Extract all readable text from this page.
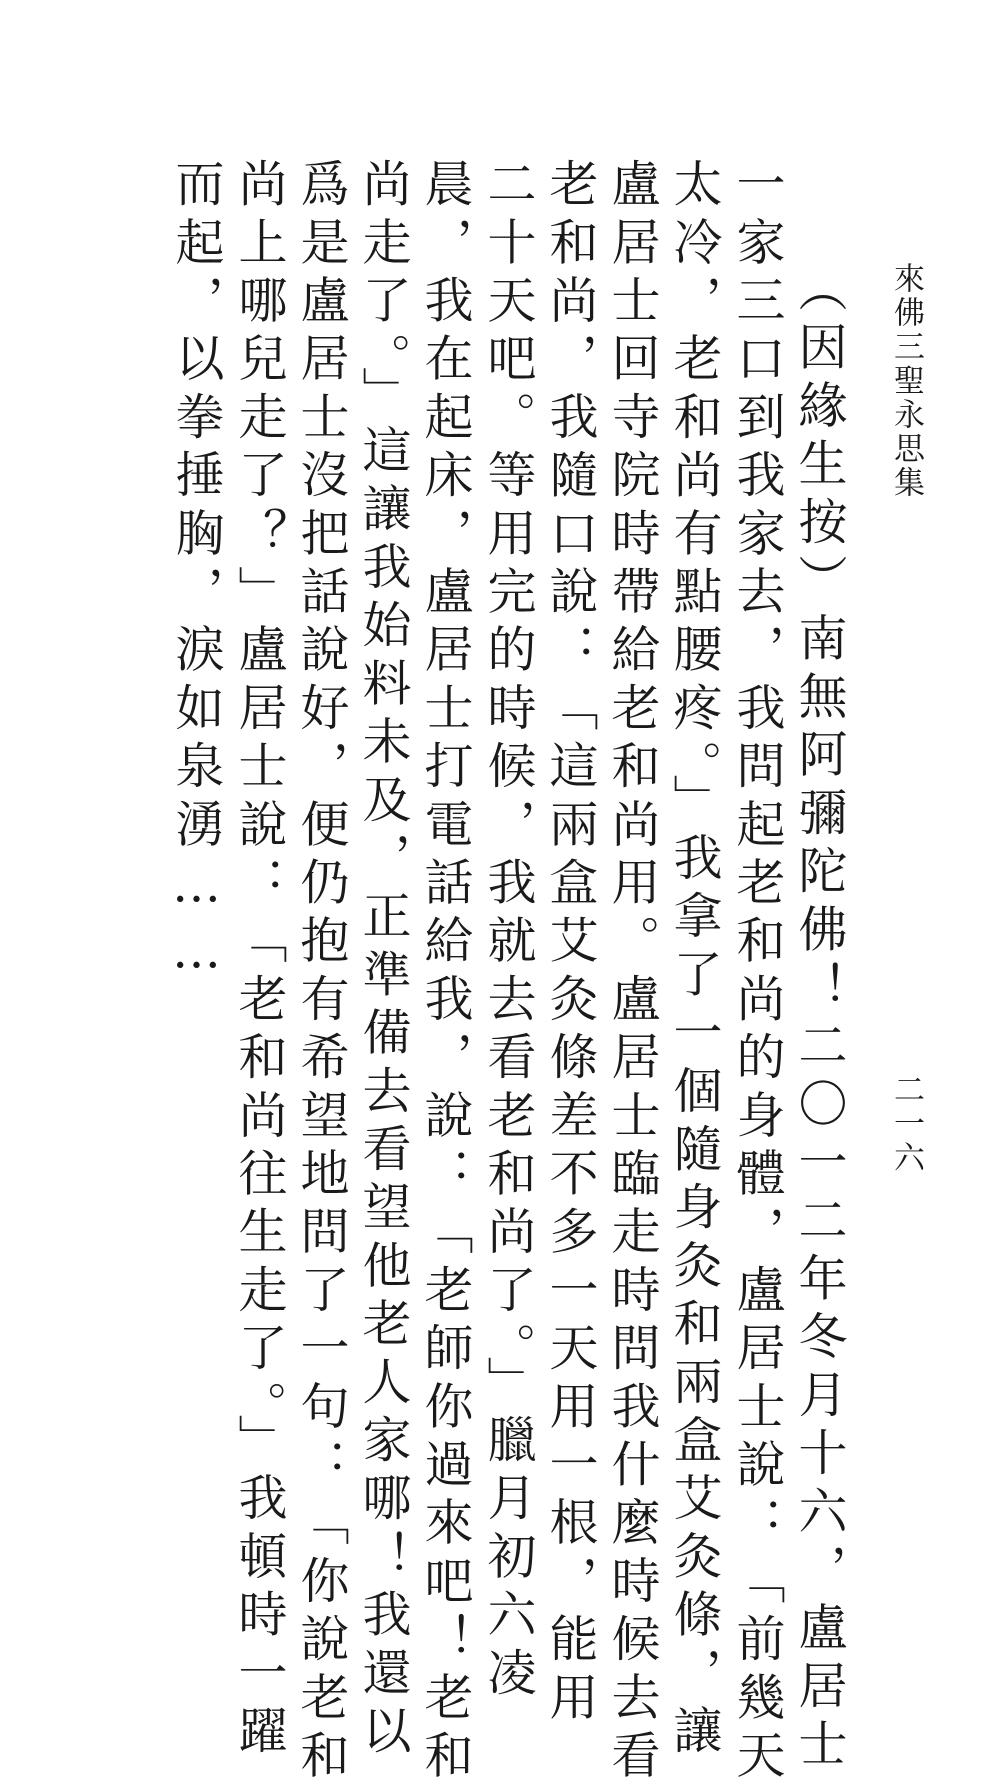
來佛三聖永思集
二一六
（因緣生按）南無阿彌陀佛！二〇一二年冬月十六，盧居士
一家三口到我家去，我問起老和尚的身體，盧居士說：「前幾天
太冷，老和尚有點腰疼。」我拿了一個隨身灸和兩盒艾灸條，讓
盧居士回寺院時帶給老和尚用。盧居士臨走時問我什麼時候去看
老和尚，我隨口說：「這兩盒艾灸條差不多一天用一根，能用
二十天吧。等用完的時候，我就去看老和尚了。」臘月初六凌
晨，我在起床，盧居士打電話給我，說：「老師你過來吧！老和
尚走了。」這讓我始料未及，正準備去看望他老人家哪！我還以
爲是盧居士沒把話說好，便仍抱有希望地問了一句：「你說老和
尚上哪兒走了？」盧居士說：「老和尚往生走了。」我頓時一躍
而起，以拳捶胸，淚如泉湧……
